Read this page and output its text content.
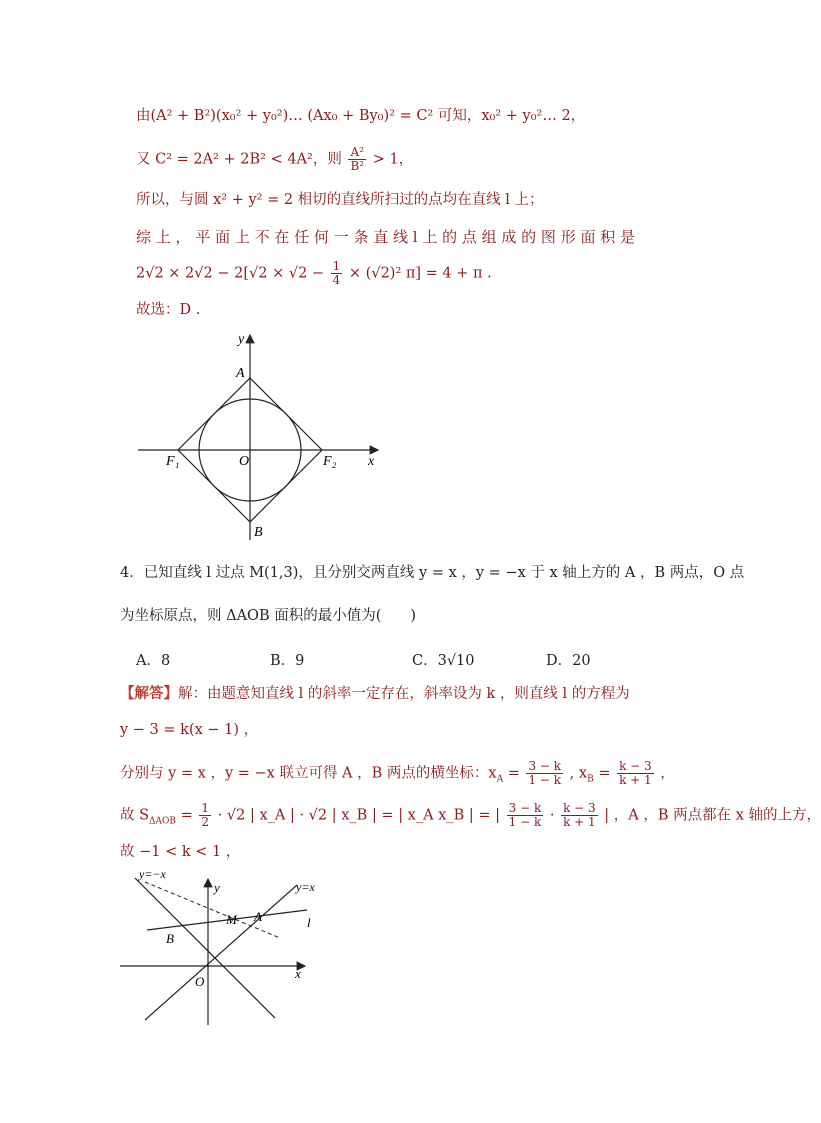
由(A² + B²)(x₀² + y₀²)… (Ax₀ + By₀)² = C² 可知，x₀² + y₀²… 2，
又 C² = 2A² + 2B² < 4A²，则 $\frac{\text{A²}}{\text{B²}} > 1$，
所以，与圆 x² + y² = 2 相切的直线所扫过的点均在直线 l 上；
综 上 ， 平 面 上 不 在 任 何 一 条 直 线 l 上 的 点 组 成 的 图 形 面 积 是
$2√2 \times 2√2 - 2[√2 \times √2 - \frac{1}{4} \times (√2)^2$ π] = 4 + π .
故选：D .
y
x
A
B
O
F₁	F₂
4．已知直线 l 过点 M(1,3)，且分别交两直线 y = x ，y = −x 于 x 轴上方的 A ，B 两点，O 点
为坐标原点，则 ΔAOB 面积的最小值为(　　)
A．8	B．9	C．3√10	D．20
【解答】解：由题意知直线 l 的斜率一定存在，斜率设为 k ，则直线 l 的方程为
y − 3 = k(x − 1) ，
分别与 y = x ，y = −x 联立可得 A ，B 两点的横坐标：$x_A = \frac{3 - k}{1 - k}$ , $x_B = \frac{k - 3}{k + 1}$ ，
故 $S_{\Delta AOB} = \frac{1}{2} \cdot √2$ | x_A | · √2 | x_B | = | x_A x_B | = | $\frac{3 - k}{1 - k} \cdot \frac{k - 3}{k + 1}$ | ，A ，B 两点都在 x 轴的上方，
故 −1 < k < 1 ，
y=−x
y=x
y
x
M A
B
O
l
